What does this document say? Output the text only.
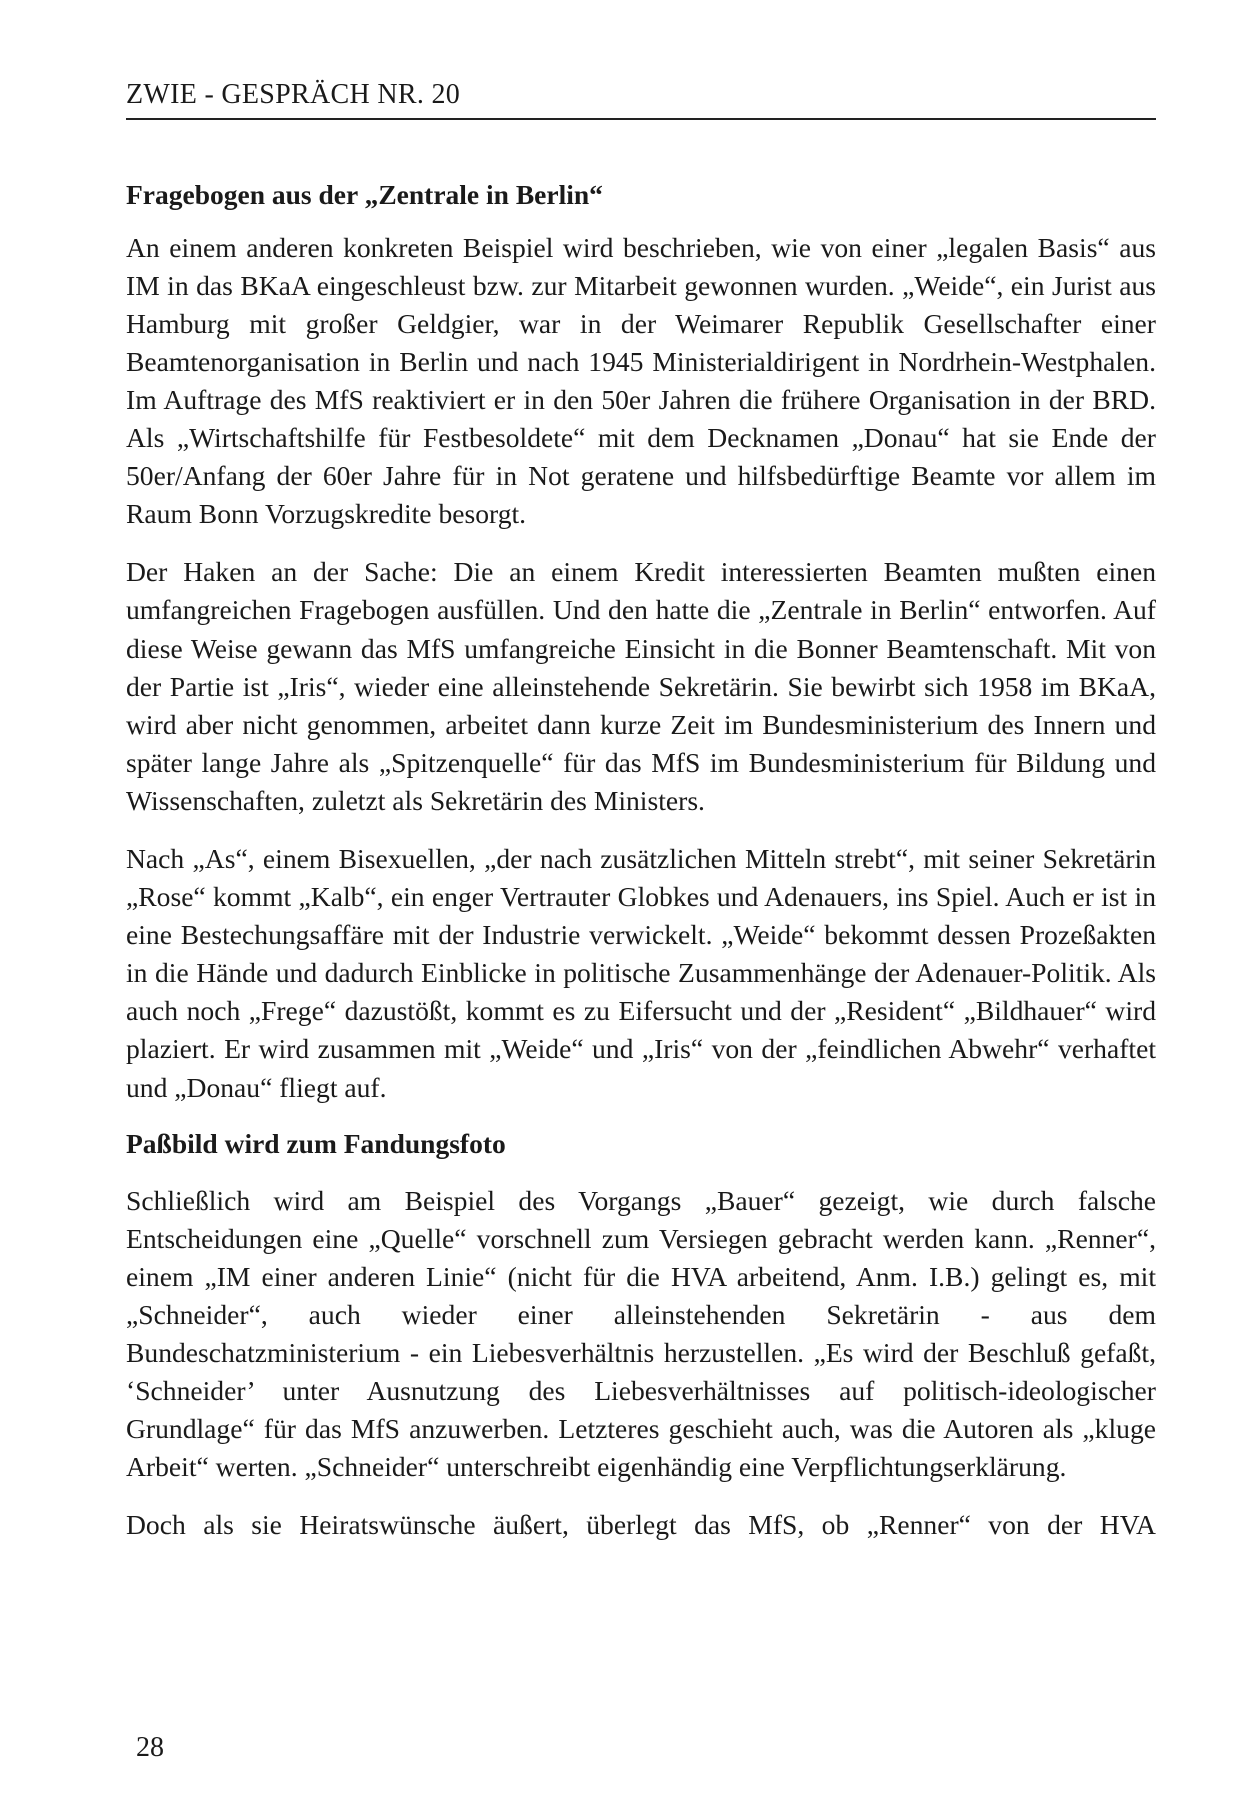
ZWIE - GESPRÄCH NR. 20
Fragebogen aus der „Zentrale in Berlin“

An einem anderen konkreten Beispiel wird beschrieben, wie von einer „legalen Basis“ aus IM in das BKaA eingeschleust bzw. zur Mitarbeit gewonnen wurden. „Weide“, ein Jurist aus Hamburg mit großer Geldgier, war in der Weimarer Republik Gesellschafter einer Beamtenorganisation in Berlin und nach 1945 Ministerialdirigent in Nordrhein-Westphalen. Im Auftrage des MfS reaktiviert er in den 50er Jahren die frühere Organisation in der BRD. Als „Wirtschaftshilfe für Festbesoldete“ mit dem Decknamen „Donau“ hat sie Ende der 50er/Anfang der 60er Jahre für in Not geratene und hilfsbedürftige Beamte vor allem im Raum Bonn Vorzugskredite besorgt.

Der Haken an der Sache: Die an einem Kredit interessierten Beamten mußten einen umfangreichen Fragebogen ausfüllen. Und den hatte die „Zentrale in Berlin“ entworfen. Auf diese Weise gewann das MfS umfangreiche Einsicht in die Bonner Beamtenschaft. Mit von der Partie ist „Iris“, wieder eine alleinstehende Sekretärin. Sie bewirbt sich 1958 im BKaA, wird aber nicht genommen, arbeitet dann kurze Zeit im Bundesministerium des Innern und später lange Jahre als „Spitzenquelle“ für das MfS im Bundesministerium für Bildung und Wissenschaften, zuletzt als Sekretärin des Ministers.

Nach „As“, einem Bisexuellen, „der nach zusätzlichen Mitteln strebt“, mit seiner Sekretärin „Rose“ kommt „Kalb“, ein enger Vertrauter Globkes und Adenauers, ins Spiel. Auch er ist in eine Bestechungsaffäre mit der Industrie verwickelt. „Weide“ bekommt dessen Prozeßakten in die Hände und dadurch Einblicke in politische Zusammenhänge der Adenauer-Politik. Als auch noch „Frege“ dazustößt, kommt es zu Eifersucht und der „Resident“ „Bildhauer“ wird plaziert. Er wird zusammen mit „Weide“ und „Iris“ von der „feindlichen Abwehr“ verhaftet und „Donau“ fliegt auf.

Paßbild wird zum Fandungsfoto

Schließlich wird am Beispiel des Vorgangs „Bauer“ gezeigt, wie durch falsche Entscheidungen eine „Quelle“ vorschnell zum Versiegen gebracht werden kann. „Renner“, einem „IM einer anderen Linie“ (nicht für die HVA arbeitend, Anm. I.B.) gelingt es, mit „Schneider“, auch wieder einer alleinstehenden Sekretärin - aus dem Bundeschatzministerium - ein Liebesverhältnis herzustellen. „Es wird der Beschluß gefaßt, ‘Schneider’ unter Ausnutzung des Liebesverhältnisses auf politisch-ideologischer Grundlage“ für das MfS anzuwerben. Letzteres geschieht auch, was die Autoren als „kluge Arbeit“ werten. „Schneider“ unterschreibt eigenhändig eine Verpflichtungserklärung.

Doch als sie Heiratswünsche äußert, überlegt das MfS, ob „Renner“ von der HVA

28
